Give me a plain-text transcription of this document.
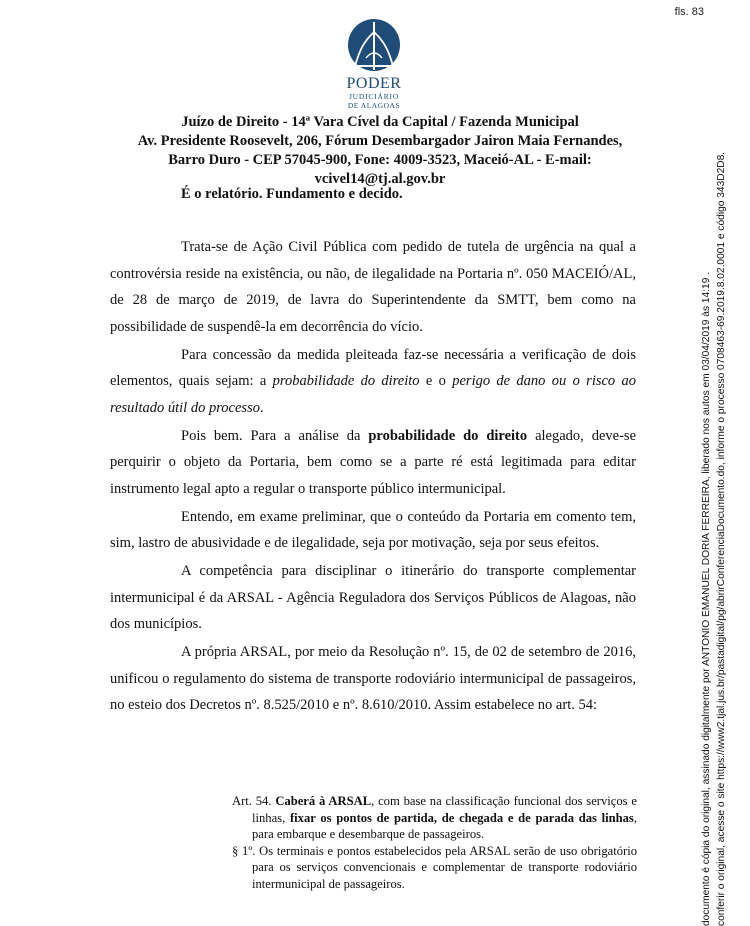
fls. 83
PODER
JUDICIÁRIO
DE ALAGOAS
Juízo de Direito - 14ª Vara Cível da Capital / Fazenda Municipal
Av. Presidente Roosevelt, 206, Fórum Desembargador Jairon Maia Fernandes,
Barro Duro - CEP 57045-900, Fone: 4009-3523, Maceió-AL - E-mail:
vcivel14@tj.al.gov.br
É o relatório. Fundamento e decido.

Trata-se de Ação Civil Pública com pedido de tutela de urgência na qual a controvérsia reside na existência, ou não, de ilegalidade na Portaria nº. 050 MACEIÓ/AL, de 28 de março de 2019, de lavra do Superintendente da SMTT, bem como na possibilidade de suspendê-la em decorrência do vício.

Para concessão da medida pleiteada faz-se necessária a verificação de dois elementos, quais sejam: a probabilidade do direito e o perigo de dano ou o risco ao resultado útil do processo.

Pois bem. Para a análise da probabilidade do direito alegado, deve-se perquirir o objeto da Portaria, bem como se a parte ré está legitimada para editar instrumento legal apto a regular o transporte público intermunicipal.

Entendo, em exame preliminar, que o conteúdo da Portaria em comento tem, sim, lastro de abusividade e de ilegalidade, seja por motivação, seja por seus efeitos.

A competência para disciplinar o itinerário do transporte complementar intermunicipal é da ARSAL - Agência Reguladora dos Serviços Públicos de Alagoas, não dos municípios.

A própria ARSAL, por meio da Resolução nº. 15, de 02 de setembro de 2016, unificou o regulamento do sistema de transporte rodoviário intermunicipal de passageiros, no esteio dos Decretos nº. 8.525/2010 e nº. 8.610/2010. Assim estabelece no art. 54:

Art. 54. Caberá à ARSAL, com base na classificação funcional dos serviços e linhas, fixar os pontos de partida, de chegada e de parada das linhas, para embarque e desembarque de passageiros.

§ 1º. Os terminais e pontos estabelecidos pela ARSAL serão de uso obrigatório para os serviços convencionais e complementar de transporte rodoviário intermunicipal de passageiros.	documento é cópia do original, assinado digitalmente por ANTONIO EMANUEL DORIA FERREIRA, liberado nos autos em 03/04/2019 às 14:19 . conferir o original, acesse o site https://www2.tjal.jus.br/pastadigital/pg/abrirConferenciaDocumento.do, informe o processo 0708463-69.2019.8.02.0001 e código 343D2D8.
